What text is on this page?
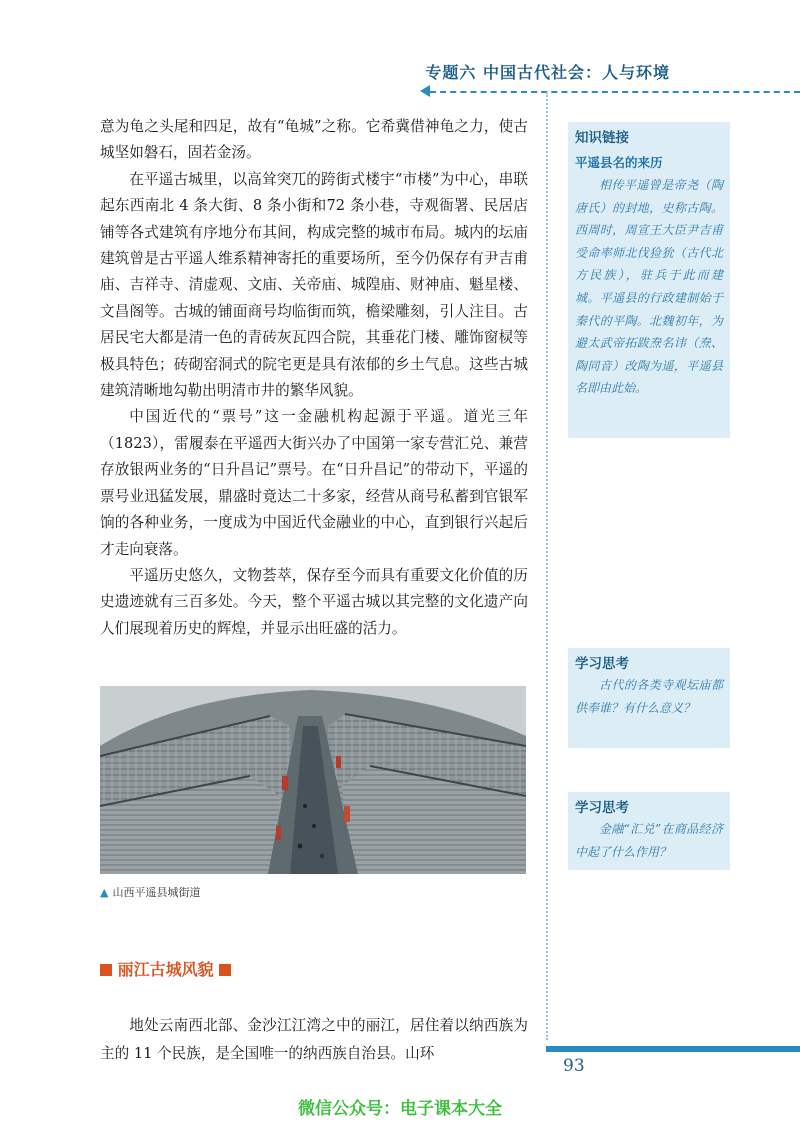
专题六 中国古代社会：人与环境

意为龟之头尾和四足，故有“龟城”之称。它希冀借神龟之力，使古城坚如磐石，固若金汤。

在平遥古城里，以高耸突兀的跨街式楼宇“市楼”为中心，串联起东西南北 4 条大街、8 条小街和72 条小巷，寺观衙署、民居店铺等各式建筑有序地分布其间，构成完整的城市布局。城内的坛庙建筑曾是古平遥人维系精神寄托的重要场所，至今仍保存有尹吉甫庙、吉祥寺、清虚观、文庙、关帝庙、城隍庙、财神庙、魁星楼、文昌阁等。古城的铺面商号均临街而筑，檐梁雕刻，引人注目。古居民宅大都是清一色的青砖灰瓦四合院，其垂花门楼、雕饰窗棂等极具特色；砖砌窑洞式的院宅更是具有浓郁的乡土气息。这些古城建筑清晰地勾勒出明清市井的繁华风貌。

中国近代的“票号”这一金融机构起源于平遥。道光三年（1823），雷履泰在平遥西大街兴办了中国第一家专营汇兑、兼营存放银两业务的“日升昌记”票号。在“日升昌记”的带动下，平遥的票号业迅猛发展，鼎盛时竟达二十多家，经营从商号私蓄到官银军饷的各种业务，一度成为中国近代金融业的中心，直到银行兴起后才走向衰落。

平遥历史悠久，文物荟萃，保存至今而具有重要文化价值的历史遗迹就有三百多处。今天，整个平遥古城以其完整的文化遗产向人们展现着历史的辉煌，并显示出旺盛的活力。

▲ 山西平遥县城街道
丽江古城风貌

地处云南西北部、金沙江江湾之中的丽江，居住着以纳西族为主的 11 个民族，是全国唯一的纳西族自治县。山环

知识链接
平遥县名的来历

相传平遥曾是帝尧（陶唐氏）的封地，史称古陶。西周时，周宣王大臣尹吉甫受命率师北伐猃狁（古代北方民族），驻兵于此而建城。平遥县的行政建制始于秦代的平陶。北魏初年，为避太武帝拓跋焘名讳（焘、陶同音）改陶为遥，平遥县名即由此始。

学习思考

古代的各类寺观坛庙都供奉谁？有什么意义？

学习思考

金融“汇兑”在商品经济中起了什么作用？

93
微信公众号：电子课本大全
